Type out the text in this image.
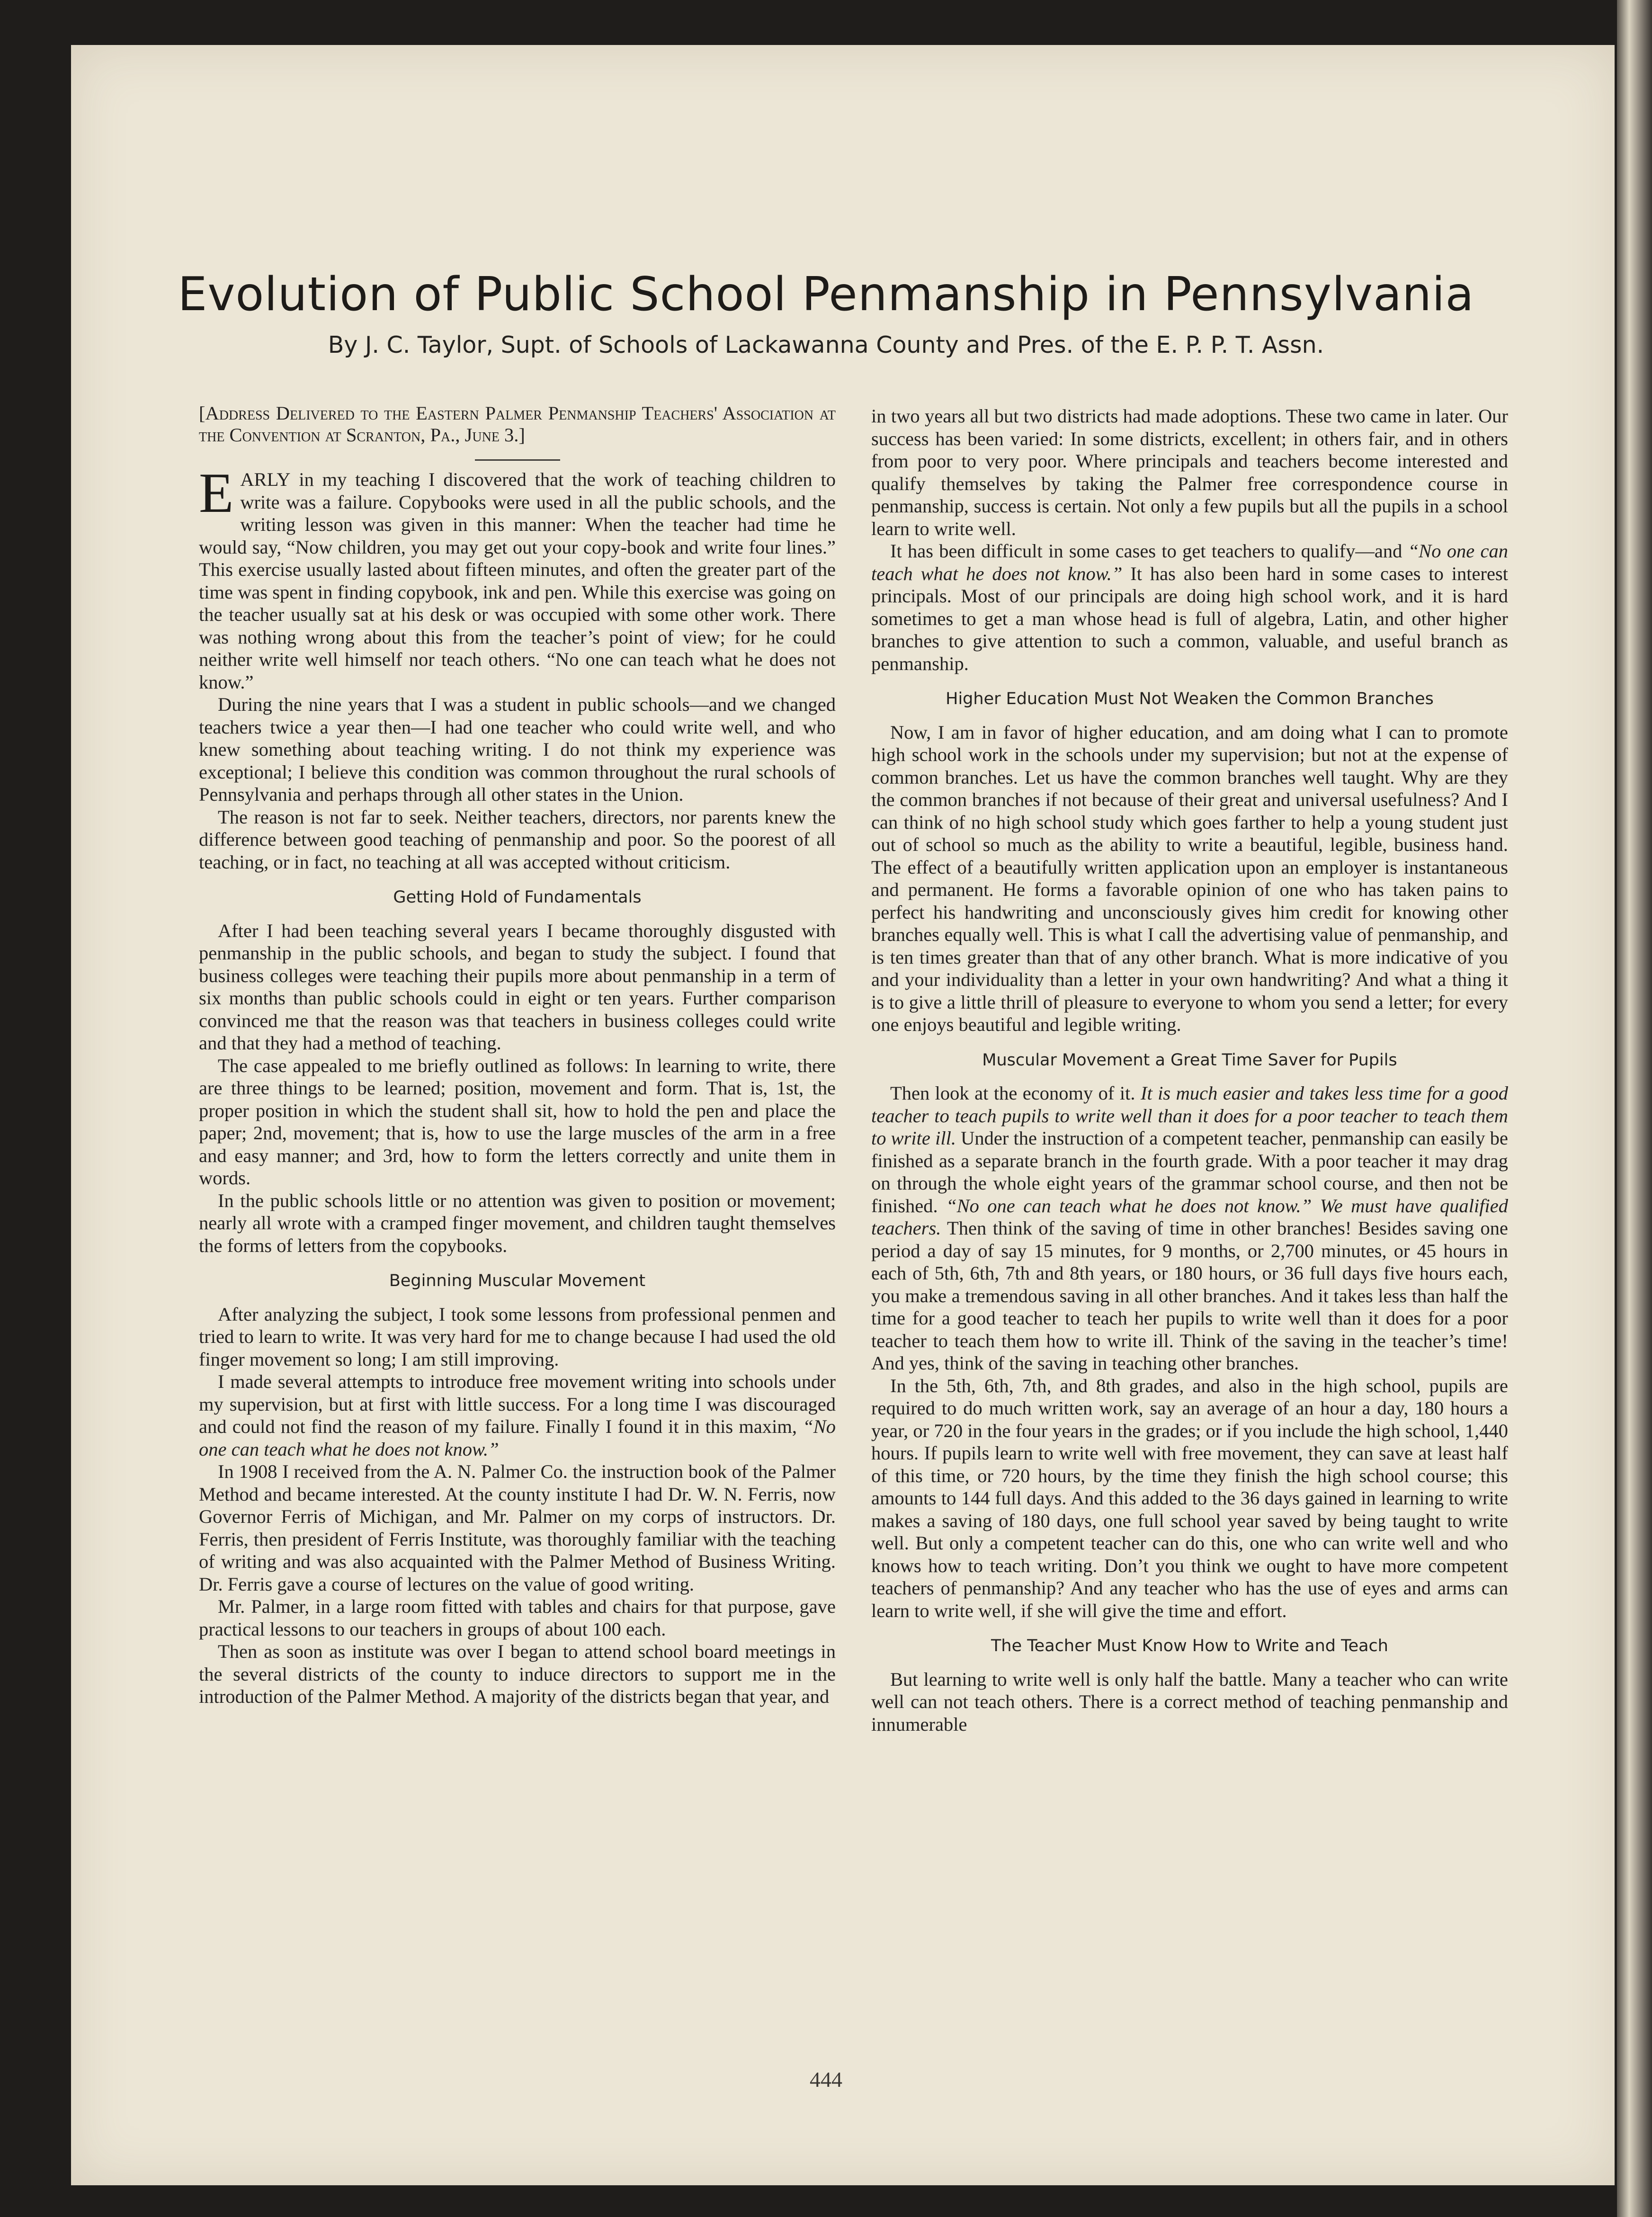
Evolution of Public School Penmanship in Pennsylvania
By J. C. Taylor, Supt. of Schools of Lackawanna County and Pres. of the E. P. P. T. Assn.

[Address Delivered to the Eastern Palmer Penmanship Teachers' Association at the Convention at Scranton, Pa., June 3.]

EARLY in my teaching I discovered that the work of teaching children to write was a failure. Copybooks were used in all the public schools, and the writing lesson was given in this manner: When the teacher had time he would say, “Now children, you may get out your copy-book and write four lines.” This exercise usually lasted about fifteen minutes, and often the greater part of the time was spent in finding copybook, ink and pen. While this exercise was going on the teacher usually sat at his desk or was occupied with some other work. There was nothing wrong about this from the teacher’s point of view; for he could neither write well himself nor teach others. “No one can teach what he does not know.”

During the nine years that I was a student in public schools—and we changed teachers twice a year then—I had one teacher who could write well, and who knew something about teaching writing. I do not think my experience was exceptional; I believe this condition was common throughout the rural schools of Pennsylvania and perhaps through all other states in the Union.

The reason is not far to seek. Neither teachers, directors, nor parents knew the difference between good teaching of penmanship and poor. So the poorest of all teaching, or in fact, no teaching at all was accepted without criticism.

Getting Hold of Fundamentals

After I had been teaching several years I became thoroughly disgusted with penmanship in the public schools, and began to study the subject. I found that business colleges were teaching their pupils more about penmanship in a term of six months than public schools could in eight or ten years. Further comparison convinced me that the reason was that teachers in business colleges could write and that they had a method of teaching.

The case appealed to me briefly outlined as follows: In learning to write, there are three things to be learned; position, movement and form. That is, 1st, the proper position in which the student shall sit, how to hold the pen and place the paper; 2nd, movement; that is, how to use the large muscles of the arm in a free and easy manner; and 3rd, how to form the letters correctly and unite them in words.

In the public schools little or no attention was given to position or movement; nearly all wrote with a cramped finger movement, and children taught themselves the forms of letters from the copybooks.

Beginning Muscular Movement

After analyzing the subject, I took some lessons from professional penmen and tried to learn to write. It was very hard for me to change because I had used the old finger movement so long; I am still improving.

I made several attempts to introduce free movement writing into schools under my supervision, but at first with little success. For a long time I was discouraged and could not find the reason of my failure. Finally I found it in this maxim, “No one can teach what he does not know.”

In 1908 I received from the A. N. Palmer Co. the instruction book of the Palmer Method and became interested. At the county institute I had Dr. W. N. Ferris, now Governor Ferris of Michigan, and Mr. Palmer on my corps of instructors. Dr. Ferris, then president of Ferris Institute, was thoroughly familiar with the teaching of writing and was also acquainted with the Palmer Method of Business Writing. Dr. Ferris gave a course of lectures on the value of good writing.

Mr. Palmer, in a large room fitted with tables and chairs for that purpose, gave practical lessons to our teachers in groups of about 100 each.

Then as soon as institute was over I began to attend school board meetings in the several districts of the county to induce directors to support me in the introduction of the Palmer Method. A majority of the districts began that year, and

in two years all but two districts had made adoptions. These two came in later. Our success has been varied: In some districts, excellent; in others fair, and in others from poor to very poor. Where principals and teachers become interested and qualify themselves by taking the Palmer free correspondence course in penmanship, success is certain. Not only a few pupils but all the pupils in a school learn to write well.

It has been difficult in some cases to get teachers to qualify—and “No one can teach what he does not know.” It has also been hard in some cases to interest principals. Most of our principals are doing high school work, and it is hard sometimes to get a man whose head is full of algebra, Latin, and other higher branches to give attention to such a common, valuable, and useful branch as penmanship.

Higher Education Must Not Weaken the Common Branches

Now, I am in favor of higher education, and am doing what I can to promote high school work in the schools under my supervision; but not at the expense of common branches. Let us have the common branches well taught. Why are they the common branches if not because of their great and universal usefulness? And I can think of no high school study which goes farther to help a young student just out of school so much as the ability to write a beautiful, legible, business hand. The effect of a beautifully written application upon an employer is instantaneous and permanent. He forms a favorable opinion of one who has taken pains to perfect his handwriting and unconsciously gives him credit for knowing other branches equally well. This is what I call the advertising value of penmanship, and is ten times greater than that of any other branch. What is more indicative of you and your individuality than a letter in your own handwriting? And what a thing it is to give a little thrill of pleasure to everyone to whom you send a letter; for every one enjoys beautiful and legible writing.

Muscular Movement a Great Time Saver for Pupils

Then look at the economy of it. It is much easier and takes less time for a good teacher to teach pupils to write well than it does for a poor teacher to teach them to write ill. Under the instruction of a competent teacher, penmanship can easily be finished as a separate branch in the fourth grade. With a poor teacher it may drag on through the whole eight years of the grammar school course, and then not be finished. “No one can teach what he does not know.” We must have qualified teachers. Then think of the saving of time in other branches! Besides saving one period a day of say 15 minutes, for 9 months, or 2,700 minutes, or 45 hours in each of 5th, 6th, 7th and 8th years, or 180 hours, or 36 full days five hours each, you make a tremendous saving in all other branches. And it takes less than half the time for a good teacher to teach her pupils to write well than it does for a poor teacher to teach them how to write ill. Think of the saving in the teacher’s time! And yes, think of the saving in teaching other branches.

In the 5th, 6th, 7th, and 8th grades, and also in the high school, pupils are required to do much written work, say an average of an hour a day, 180 hours a year, or 720 in the four years in the grades; or if you include the high school, 1,440 hours. If pupils learn to write well with free movement, they can save at least half of this time, or 720 hours, by the time they finish the high school course; this amounts to 144 full days. And this added to the 36 days gained in learning to write makes a saving of 180 days, one full school year saved by being taught to write well. But only a competent teacher can do this, one who can write well and who knows how to teach writing. Don’t you think we ought to have more competent teachers of penmanship? And any teacher who has the use of eyes and arms can learn to write well, if she will give the time and effort.

The Teacher Must Know How to Write and Teach

But learning to write well is only half the battle. Many a teacher who can write well can not teach others. There is a correct method of teaching penmanship and innumerable

444
